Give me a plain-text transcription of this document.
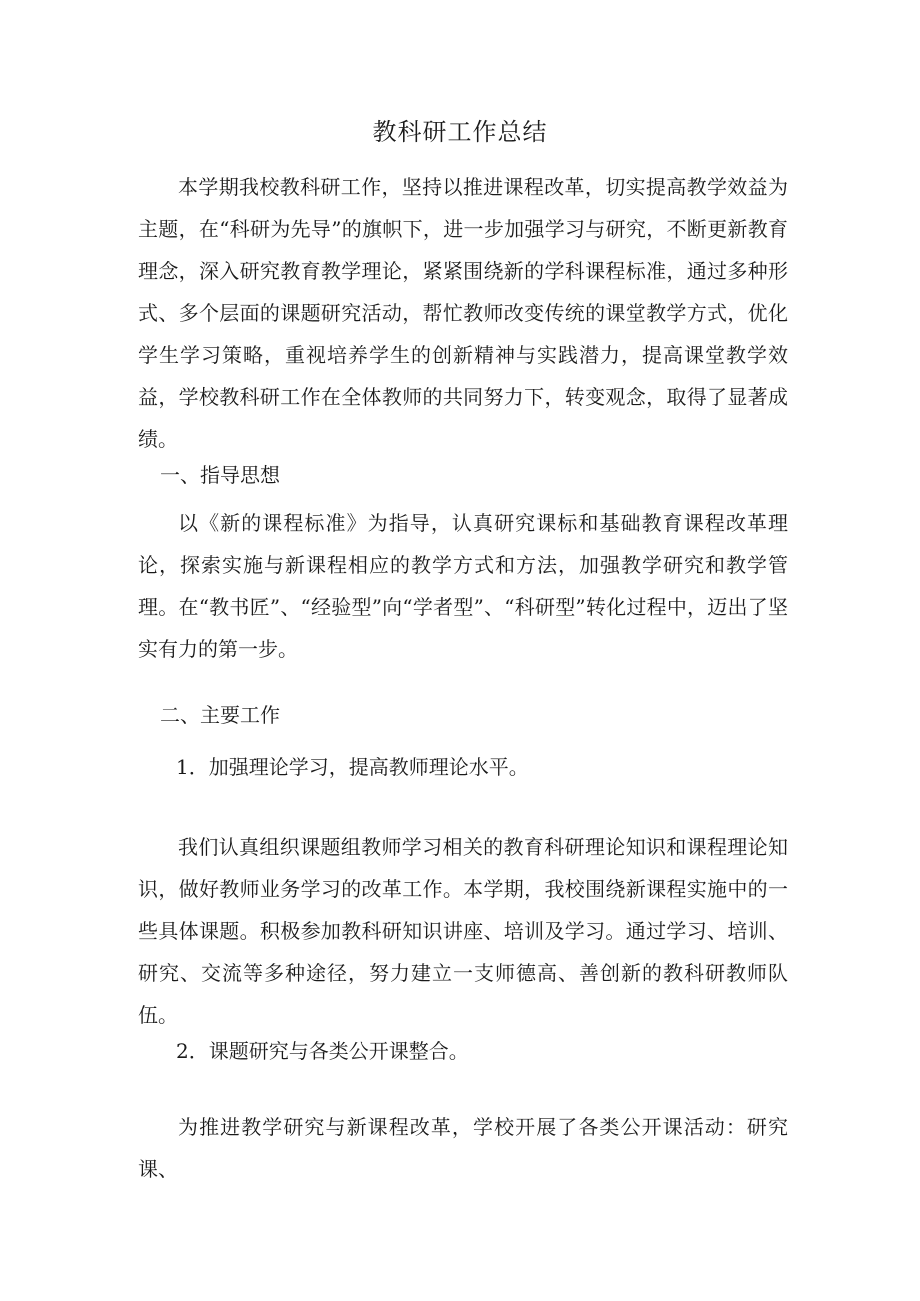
教科研工作总结

本学期我校教科研工作，坚持以推进课程改革，切实提高教学效益为主题，在“科研为先导”的旗帜下，进一步加强学习与研究，不断更新教育理念，深入研究教育教学理论，紧紧围绕新的学科课程标准，通过多种形式、多个层面的课题研究活动，帮忙教师改变传统的课堂教学方式，优化学生学习策略，重视培养学生的创新精神与实践潜力，提高课堂教学效益，学校教科研工作在全体教师的共同努力下，转变观念，取得了显著成绩。

一、指导思想

以《新的课程标准》为指导，认真研究课标和基础教育课程改革理论，探索实施与新课程相应的教学方式和方法，加强教学研究和教学管理。在“教书匠”、“经验型”向“学者型”、“科研型”转化过程中，迈出了坚实有力的第一步。

二、主要工作
1．加强理论学习，提高教师理论水平。

我们认真组织课题组教师学习相关的教育科研理论知识和课程理论知识，做好教师业务学习的改革工作。本学期，我校围绕新课程实施中的一些具体课题。积极参加教科研知识讲座、培训及学习。通过学习、培训、研究、交流等多种途径，努力建立一支师德高、善创新的教科研教师队伍。

2．课题研究与各类公开课整合。

为推进教学研究与新课程改革，学校开展了各类公开课活动：研究课、
